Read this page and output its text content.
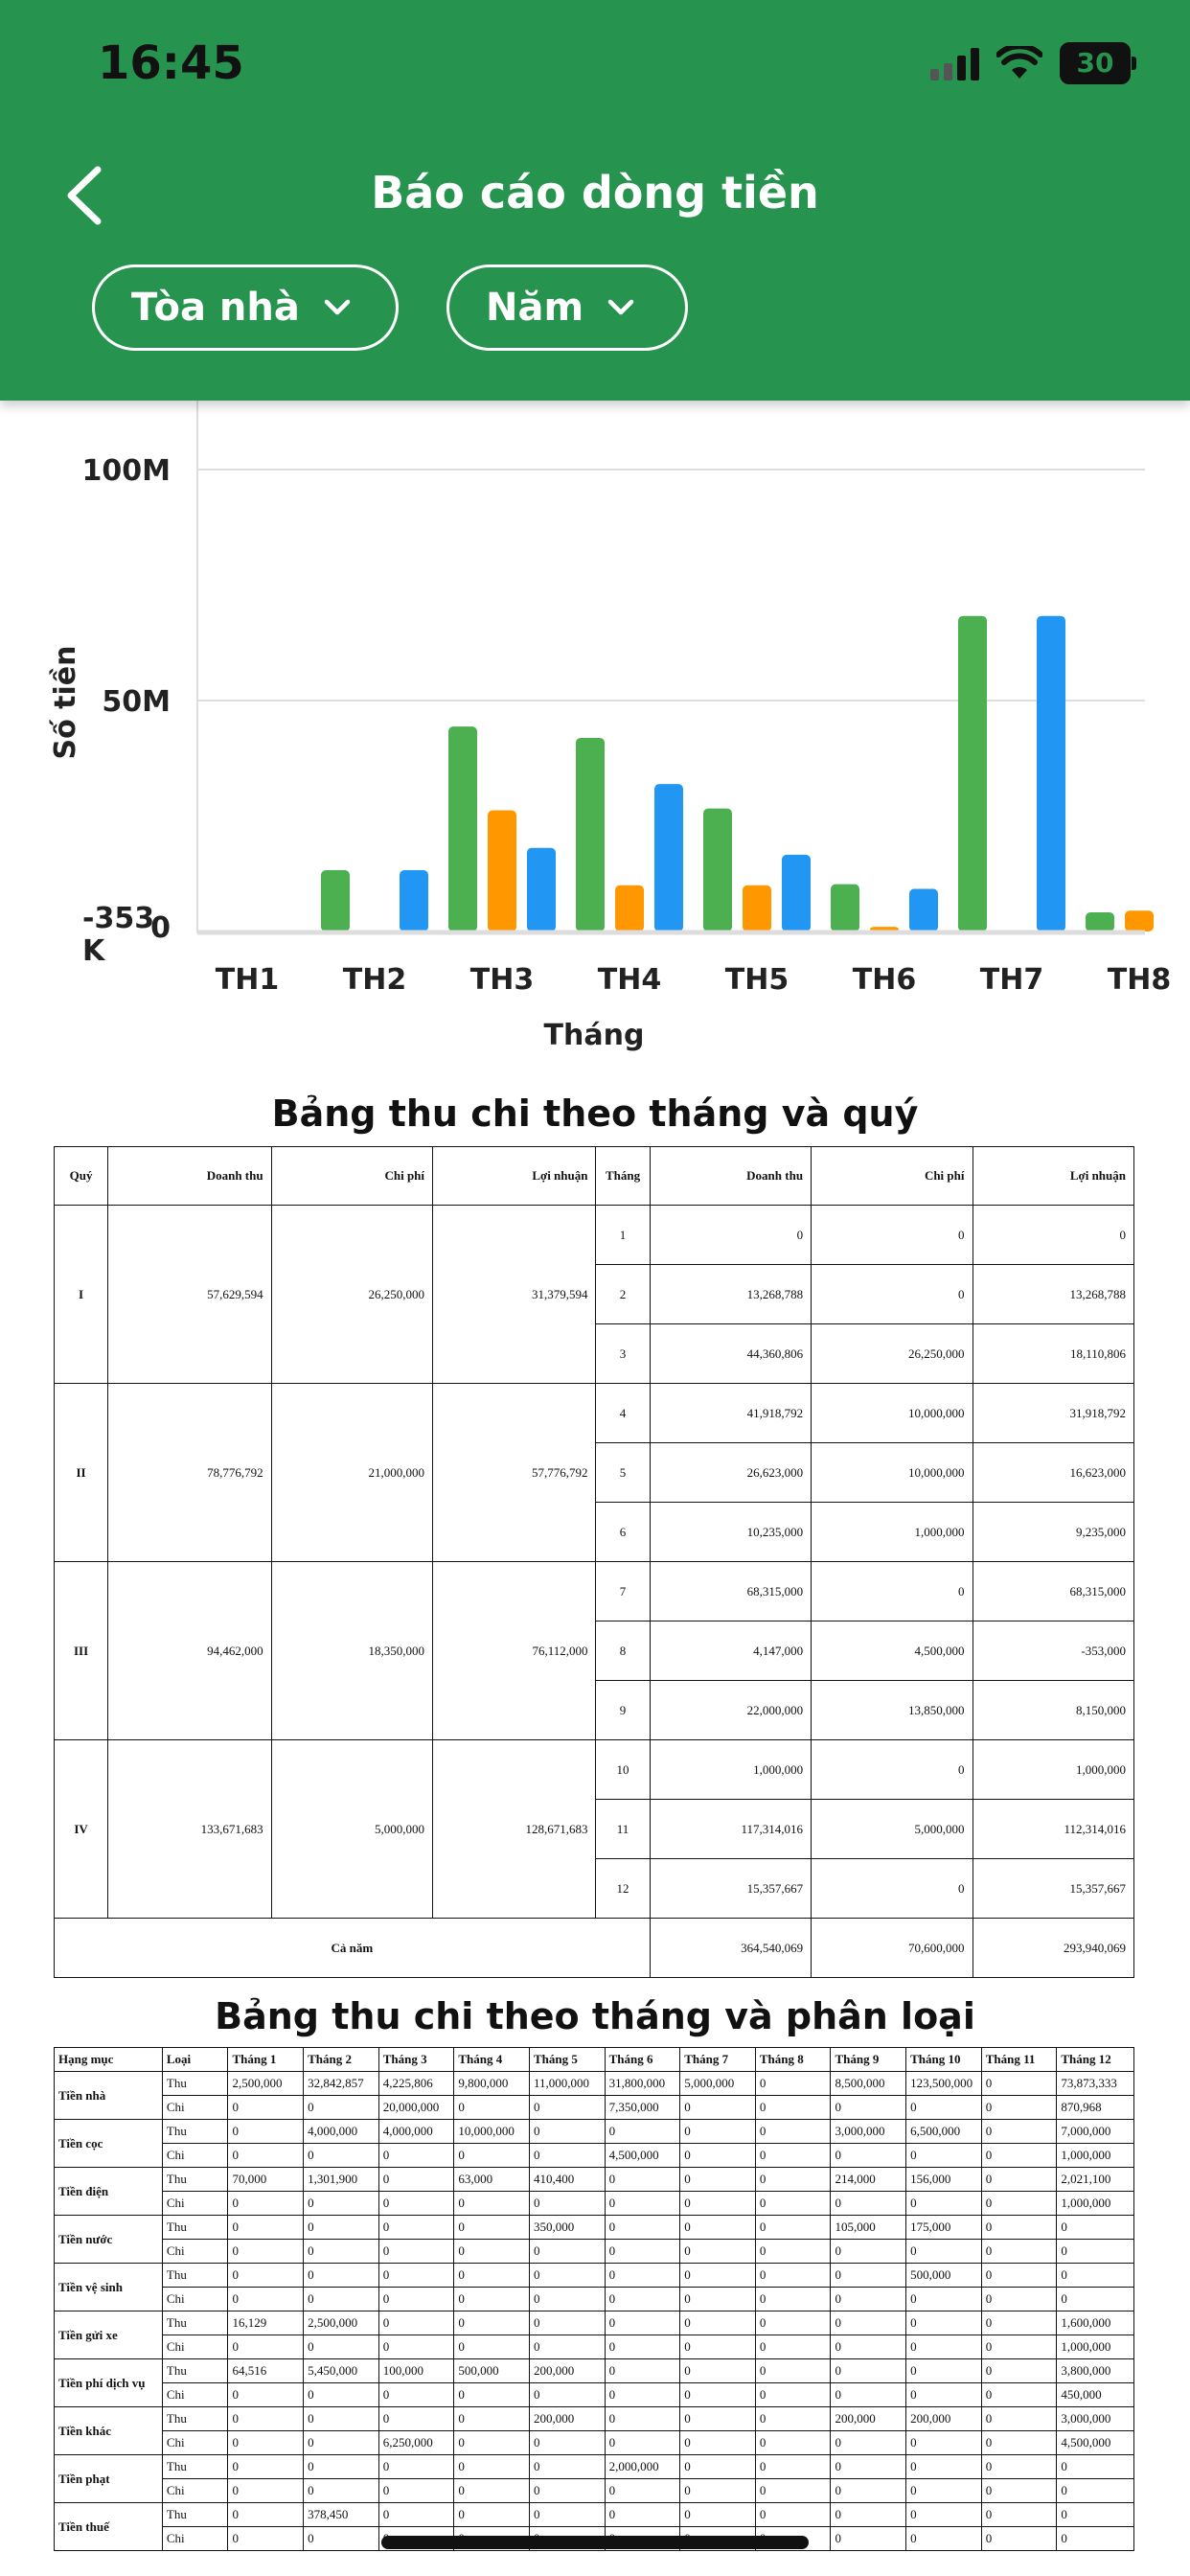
16:45	30
Báo cáo dòng tiền
Tòa nhà	Năm
TH1 TH2 TH3 TH4 TH5 TH6 TH7 TH8
100M
50M
0
-353
K
Tháng
Số tiền
Bảng thu chi theo tháng và quý
Quý	Doanh thu	Chi phí	Lợi nhuận	Tháng	Doanh thu	Chi phí	Lợi nhuận
I	57,629,594	26,250,000	31,379,594	1	0	0	0
				2	13,268,788	0	13,268,788
				3	44,360,806	26,250,000	18,110,806
II	78,776,792	21,000,000	57,776,792	4	41,918,792	10,000,000	31,918,792
				5	26,623,000	10,000,000	16,623,000
				6	10,235,000	1,000,000	9,235,000
III	94,462,000	18,350,000	76,112,000	7	68,315,000	0	68,315,000
				8	4,147,000	4,500,000	-353,000
				9	22,000,000	13,850,000	8,150,000
IV	133,671,683	5,000,000	128,671,683	10	1,000,000	0	1,000,000
				11	117,314,016	5,000,000	112,314,016
				12	15,357,667	0	15,357,667
Cả năm					364,540,069	70,600,000	293,940,069
Bảng thu chi theo tháng và phân loại
Hạng mục	Loại	Tháng 1	Tháng 2	Tháng 3	Tháng 4	Tháng 5	Tháng 6	Tháng 7	Tháng 8	Tháng 9	Tháng 10	Tháng 11	Tháng 12
Tiền nhà	Thu	2,500,000	32,842,857	4,225,806	9,800,000	11,000,000	31,800,000	5,000,000	0	8,500,000	123,500,000	0	73,873,333
	Chi	0	0	20,000,000	0	0	7,350,000	0	0	0	0	0	870,968
Tiền cọc	Thu	0	4,000,000	4,000,000	10,000,000	0	0	0	0	3,000,000	6,500,000	0	7,000,000
	Chi	0	0	0	0	0	4,500,000	0	0	0	0	0	1,000,000
Tiền điện	Thu	70,000	1,301,900	0	63,000	410,400	0	0	0	214,000	156,000	0	2,021,100
	Chi	0	0	0	0	0	0	0	0	0	0	0	1,000,000
Tiền nước	Thu	0	0	0	0	350,000	0	0	0	105,000	175,000	0	0
	Chi	0	0	0	0	0	0	0	0	0	0	0	0
Tiền vệ sinh	Thu	0	0	0	0	0	0	0	0	0	500,000	0	0
	Chi	0	0	0	0	0	0	0	0	0	0	0	0
Tiền gửi xe	Thu	16,129	2,500,000	0	0	0	0	0	0	0	0	0	1,600,000
	Chi	0	0	0	0	0	0	0	0	0	0	0	1,000,000
Tiền phí dịch vụ	Thu	64,516	5,450,000	100,000	500,000	200,000	0	0	0	0	0	0	3,800,000
	Chi	0	0	0	0	0	0	0	0	0	0	0	450,000
Tiền khác	Thu	0	0	0	0	200,000	0	0	0	200,000	200,000	0	3,000,000
	Chi	0	0	6,250,000	0	0	0	0	0	0	0	0	4,500,000
Tiền phạt	Thu	0	0	0	0	0	2,000,000	0	0	0	0	0	0
	Chi	0	0	0	0	0	0	0	0	0	0	0	0
Tiền thuế	Thu	0	378,450	0	0	0	0	0	0	0	0	0	0
	Chi	0	0							0	0	0	0
